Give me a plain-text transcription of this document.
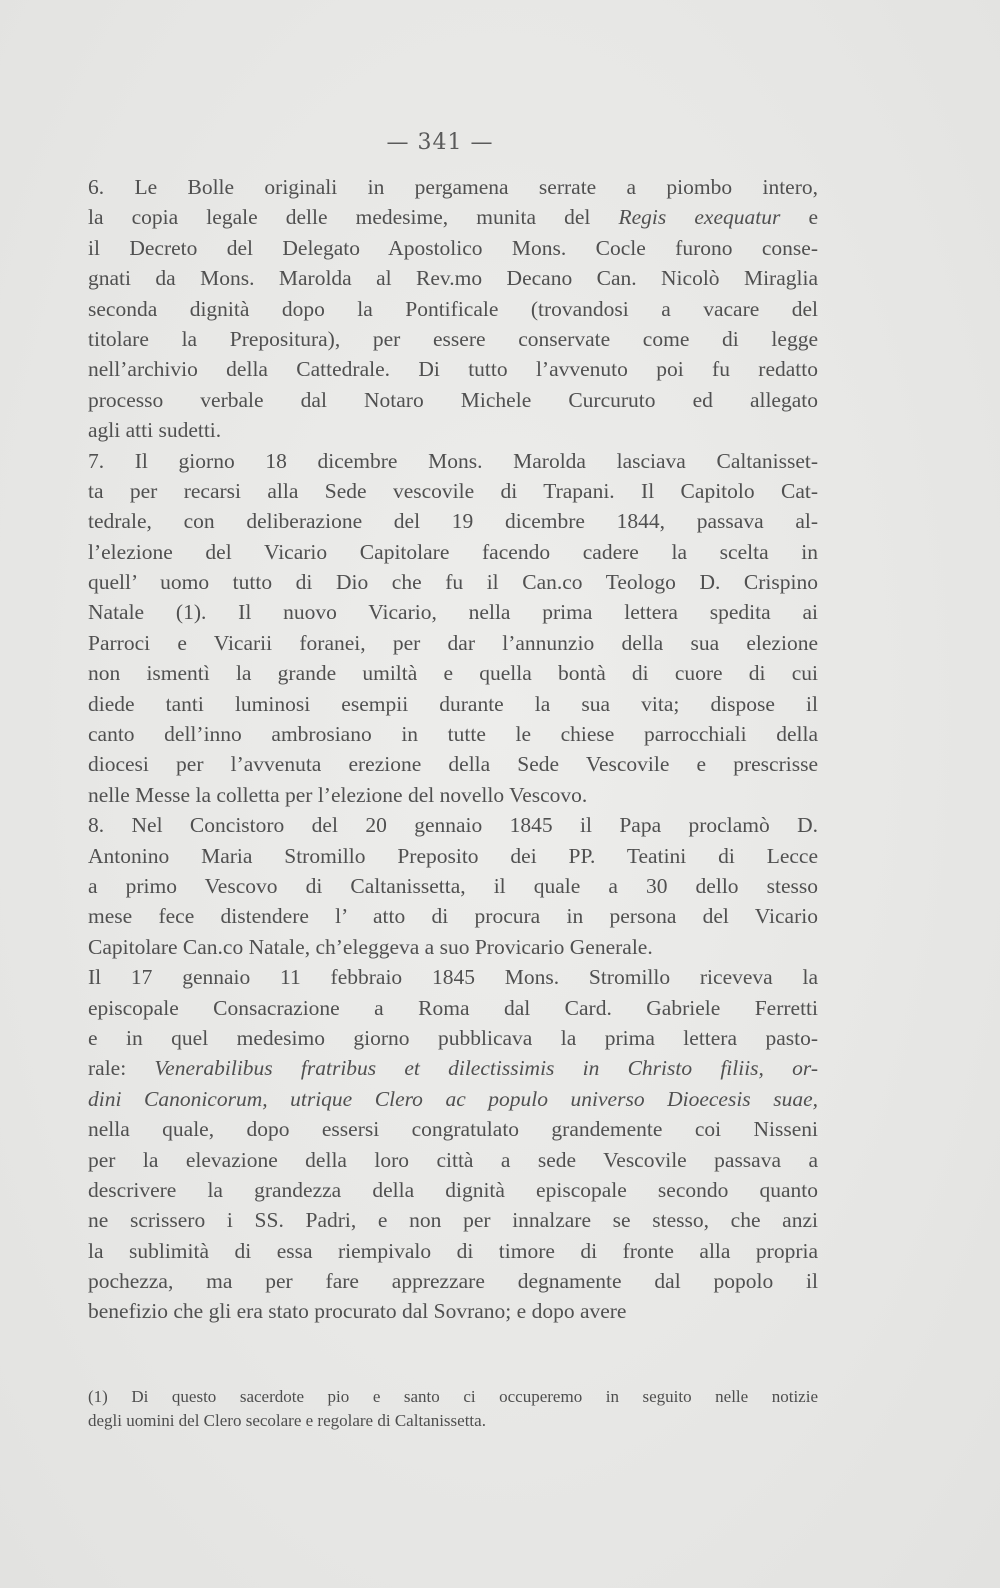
— 341 —
6. Le Bolle originali in pergamena serrate a piombo intero,
la copia legale delle medesime, munita del Regis exequatur e
il Decreto del Delegato Apostolico Mons. Cocle furono conse-
gnati da Mons. Marolda al Rev.mo Decano Can. Nicolò Miraglia
seconda dignità dopo la Pontificale (trovandosi a vacare del
titolare la Prepositura), per essere conservate come di legge
nell’archivio della Cattedrale. Di tutto l’avvenuto poi fu redatto
processo verbale dal Notaro Michele Curcuruto ed allegato
agli atti sudetti.
7. Il giorno 18 dicembre Mons. Marolda lasciava Caltanisset-
ta per recarsi alla Sede vescovile di Trapani. Il Capitolo Cat-
tedrale, con deliberazione del 19 dicembre 1844, passava al-
l’elezione del Vicario Capitolare facendo cadere la scelta in
quell’ uomo tutto di Dio che fu il Can.co Teologo D. Crispino
Natale (1). Il nuovo Vicario, nella prima lettera spedita ai
Parroci e Vicarii foranei, per dar l’annunzio della sua elezione
non ismentì la grande umiltà e quella bontà di cuore di cui
diede tanti luminosi esempii durante la sua vita; dispose il
canto dell’inno ambrosiano in tutte le chiese parrocchiali della
diocesi per l’avvenuta erezione della Sede Vescovile e prescrisse
nelle Messe la colletta per l’elezione del novello Vescovo.
8. Nel Concistoro del 20 gennaio 1845 il Papa proclamò D.
Antonino Maria Stromillo Preposito dei PP. Teatini di Lecce
a primo Vescovo di Caltanissetta, il quale a 30 dello stesso
mese fece distendere l’ atto di procura in persona del Vicario
Capitolare Can.co Natale, ch’eleggeva a suo Provicario Generale.
Il 17 gennaio 11 febbraio 1845 Mons. Stromillo riceveva la
episcopale Consacrazione a Roma dal Card. Gabriele Ferretti
e in quel medesimo giorno pubblicava la prima lettera pasto-
rale: Venerabilibus fratribus et dilectissimis in Christo filiis, or-
dini Canonicorum, utrique Clero ac populo universo Dioecesis suae,
nella quale, dopo essersi congratulato grandemente coi Nisseni
per la elevazione della loro città a sede Vescovile passava a
descrivere la grandezza della dignità episcopale secondo quanto
ne scrissero i SS. Padri, e non per innalzare se stesso, che anzi
la sublimità di essa riempivalo di timore di fronte alla propria
pochezza, ma per fare apprezzare degnamente dal popolo il
benefizio che gli era stato procurato dal Sovrano; e dopo avere
(1) Di questo sacerdote pio e santo ci occuperemo in seguito nelle notizie
degli uomini del Clero secolare e regolare di Caltanissetta.
